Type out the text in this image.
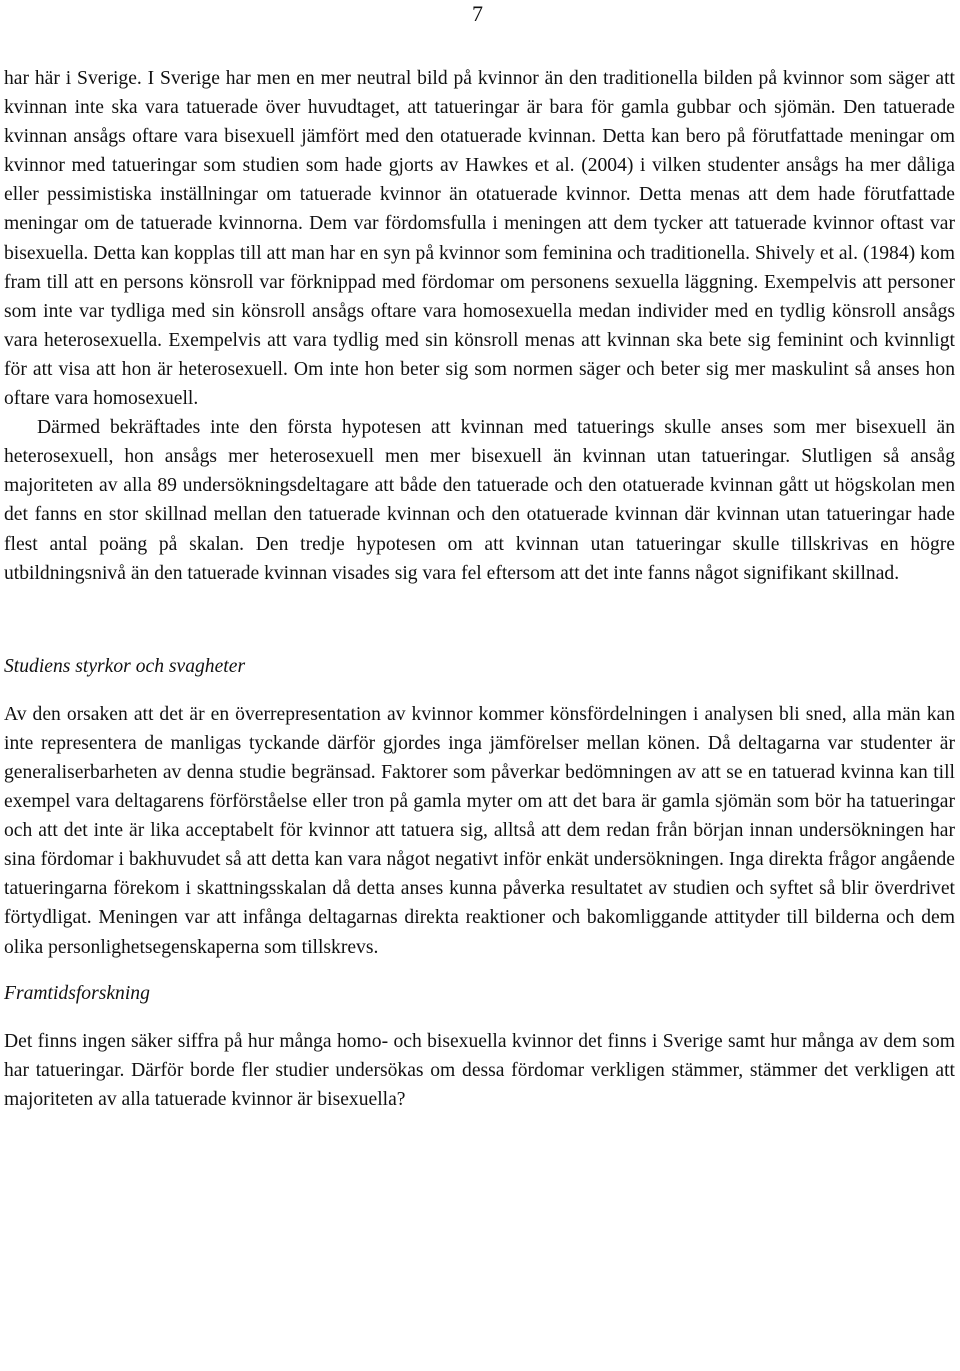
7

har här i Sverige. I Sverige har men en mer neutral bild på kvinnor än den traditionella bilden på kvinnor som säger att kvinnan inte ska vara tatuerade över huvudtaget, att tatueringar är bara för gamla gubbar och sjömän. Den tatuerade kvinnan ansågs oftare vara bisexuell jämfört med den otatuerade kvinnan. Detta kan bero på förutfattade meningar om kvinnor med tatueringar som studien som hade gjorts av Hawkes et al. (2004) i vilken studenter ansågs ha mer dåliga eller pessimistiska inställningar om tatuerade kvinnor än otatuerade kvinnor. Detta menas att dem hade förutfattade meningar om de tatuerade kvinnorna. Dem var fördomsfulla i meningen att dem tycker att tatuerade kvinnor oftast var bisexuella. Detta kan kopplas till att man har en syn på kvinnor som feminina och traditionella. Shively et al. (1984) kom fram till att en persons könsroll var förknippad med fördomar om personens sexuella läggning. Exempelvis att personer som inte var tydliga med sin könsroll ansågs oftare vara homosexuella medan individer med en tydlig könsroll ansågs vara heterosexuella. Exempelvis att vara tydlig med sin könsroll menas att kvinnan ska bete sig feminint och kvinnligt för att visa att hon är heterosexuell. Om inte hon beter sig som normen säger och beter sig mer maskulint så anses hon oftare vara homosexuell.

Därmed bekräftades inte den första hypotesen att kvinnan med tatuerings skulle anses som mer bisexuell än heterosexuell, hon ansågs mer heterosexuell men mer bisexuell än kvinnan utan tatueringar. Slutligen så ansåg majoriteten av alla 89 undersökningsdeltagare att både den tatuerade och den otatuerade kvinnan gått ut högskolan men det fanns en stor skillnad mellan den tatuerade kvinnan och den otatuerade kvinnan där kvinnan utan tatueringar hade flest antal poäng på skalan. Den tredje hypotesen om att kvinnan utan tatueringar skulle tillskrivas en högre utbildningsnivå än den tatuerade kvinnan visades sig vara fel eftersom att det inte fanns något signifikant skillnad.

Studiens styrkor och svagheter

Av den orsaken att det är en överrepresentation av kvinnor kommer könsfördelningen i analysen bli sned, alla män kan inte representera de manligas tyckande därför gjordes inga jämförelser mellan könen. Då deltagarna var studenter är generaliserbarheten av denna studie begränsad. Faktorer som påverkar bedömningen av att se en tatuerad kvinna kan till exempel vara deltagarens förförståelse eller tron på gamla myter om att det bara är gamla sjömän som bör ha tatueringar och att det inte är lika acceptabelt för kvinnor att tatuera sig, alltså att dem redan från början innan undersökningen har sina fördomar i bakhuvudet så att detta kan vara något negativt inför enkät undersökningen. Inga direkta frågor angående tatueringarna förekom i skattningsskalan då detta anses kunna påverka resultatet av studien och syftet så blir överdrivet förtydligat. Meningen var att infånga deltagarnas direkta reaktioner och bakomliggande attityder till bilderna och dem olika personlighetsegenskaperna som tillskrevs.

Framtidsforskning

Det finns ingen säker siffra på hur många homo- och bisexuella kvinnor det finns i Sverige samt hur många av dem som har tatueringar. Därför borde fler studier undersökas om dessa fördomar verkligen stämmer, stämmer det verkligen att majoriteten av alla tatuerade kvinnor är bisexuella?
